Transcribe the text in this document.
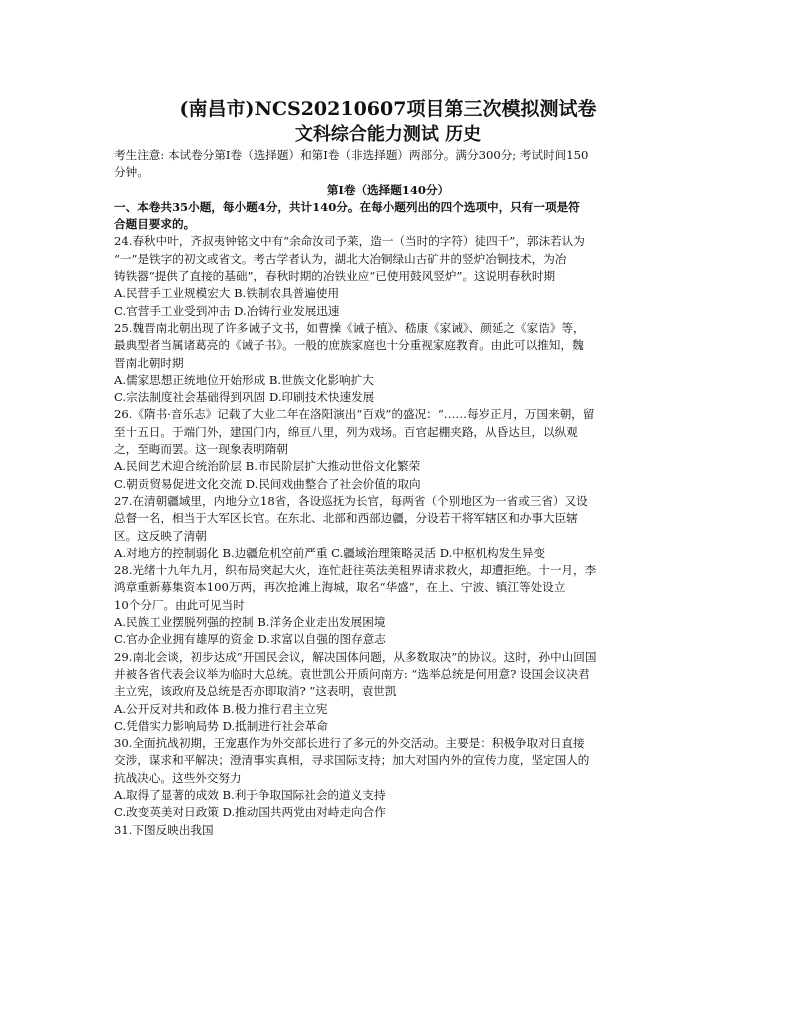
(南昌市)NCS20210607项目第三次模拟测试卷
文科综合能力测试 历史
考生注意: 本试卷分第Ⅰ卷（选择题）和第Ⅰ卷（非选择题）两部分。满分300分; 考试时间150
分钟。
第Ⅰ卷（选择题140分）
一、本卷共35小题，每小题4分，共计140分。在每小题列出的四个选项中，只有一项是符
合题目要求的。
24.春秋中叶，齐叔夷钟铭文中有“余命汝司予莱，造一（当时的字符）徒四千”，郭沫若认为
“一”是铁字的初文或省文。考古学者认为，湖北大冶铜绿山古矿井的竖炉冶铜技术，为冶
铸铁器“提供了直接的基础”，春秋时期的冶铁业应“已使用鼓风竖炉”。这说明春秋时期
A.民营手工业规模宏大 B.铁制农具普遍使用
C.官营手工业受到冲击 D.冶铸行业发展迅速
25.魏晋南北朝出现了许多诫子文书，如曹操《诫子植》、嵇康《家诫》、颜延之《家诰》等，
最典型者当属诸葛亮的《诫子书》。一般的庶族家庭也十分重视家庭教育。由此可以推知，魏
晋南北朝时期
A.儒家思想正统地位开始形成 B.世族文化影响扩大
C.宗法制度社会基础得到巩固 D.印刷技术快速发展
26.《隋书·音乐志》记载了大业二年在洛阳演出“百戏”的盛况：“……每岁正月，万国来朝，留
至十五日。于端门外，建国门内，绵亘八里，列为戏场。百官起棚夹路，从昏达旦，以纵观
之，至晦而罢。这一现象表明隋朝
A.民间艺术迎合统治阶层 B.市民阶层扩大推动世俗文化繁荣
C.朝贡贸易促进文化交流 D.民间戏曲整合了社会价值的取向
27.在清朝疆域里，内地分立18省，各设巡抚为长官，每两省（个别地区为一省或三省）又设
总督一名，相当于大军区长官。在东北、北部和西部边疆，分设若干将军辖区和办事大臣辖
区。这反映了清朝
A.对地方的控制弱化 B.边疆危机空前严重 C.疆域治理策略灵活 D.中枢机构发生异变
28.光绪十九年九月，织布局突起大火，连忙赶往英法美租界请求救火，却遭拒绝。十一月，李
鸿章重新募集资本100万两，再次抢滩上海城，取名“华盛”，在上、宁波、镇江等处设立
10个分厂。由此可见当时
A.民族工业摆脱列强的控制 B.洋务企业走出发展困境
C.官办企业拥有雄厚的资金 D.求富以自强的图存意志
29.南北会谈，初步达成“开国民会议，解决国体问题，从多数取决”的协议。这时，孙中山回国
并被各省代表会议举为临时大总统。袁世凯公开质问南方: “选举总统是何用意? 设国会议决君
主立宪，该政府及总统是否亦即取消? ”这表明，袁世凯
A.公开反对共和政体 B.极力推行君主立宪
C.凭借实力影响局势 D.抵制进行社会革命
30.全面抗战初期，王宠惠作为外交部长进行了多元的外交活动。主要是：积极争取对日直接
交涉，谋求和平解决；澄清事实真相，寻求国际支持；加大对国内外的宣传力度，坚定国人的
抗战决心。这些外交努力
A.取得了显著的成效 B.利于争取国际社会的道义支持
C.改变英美对日政策 D.推动国共两党由对峙走向合作
31.下图反映出我国
